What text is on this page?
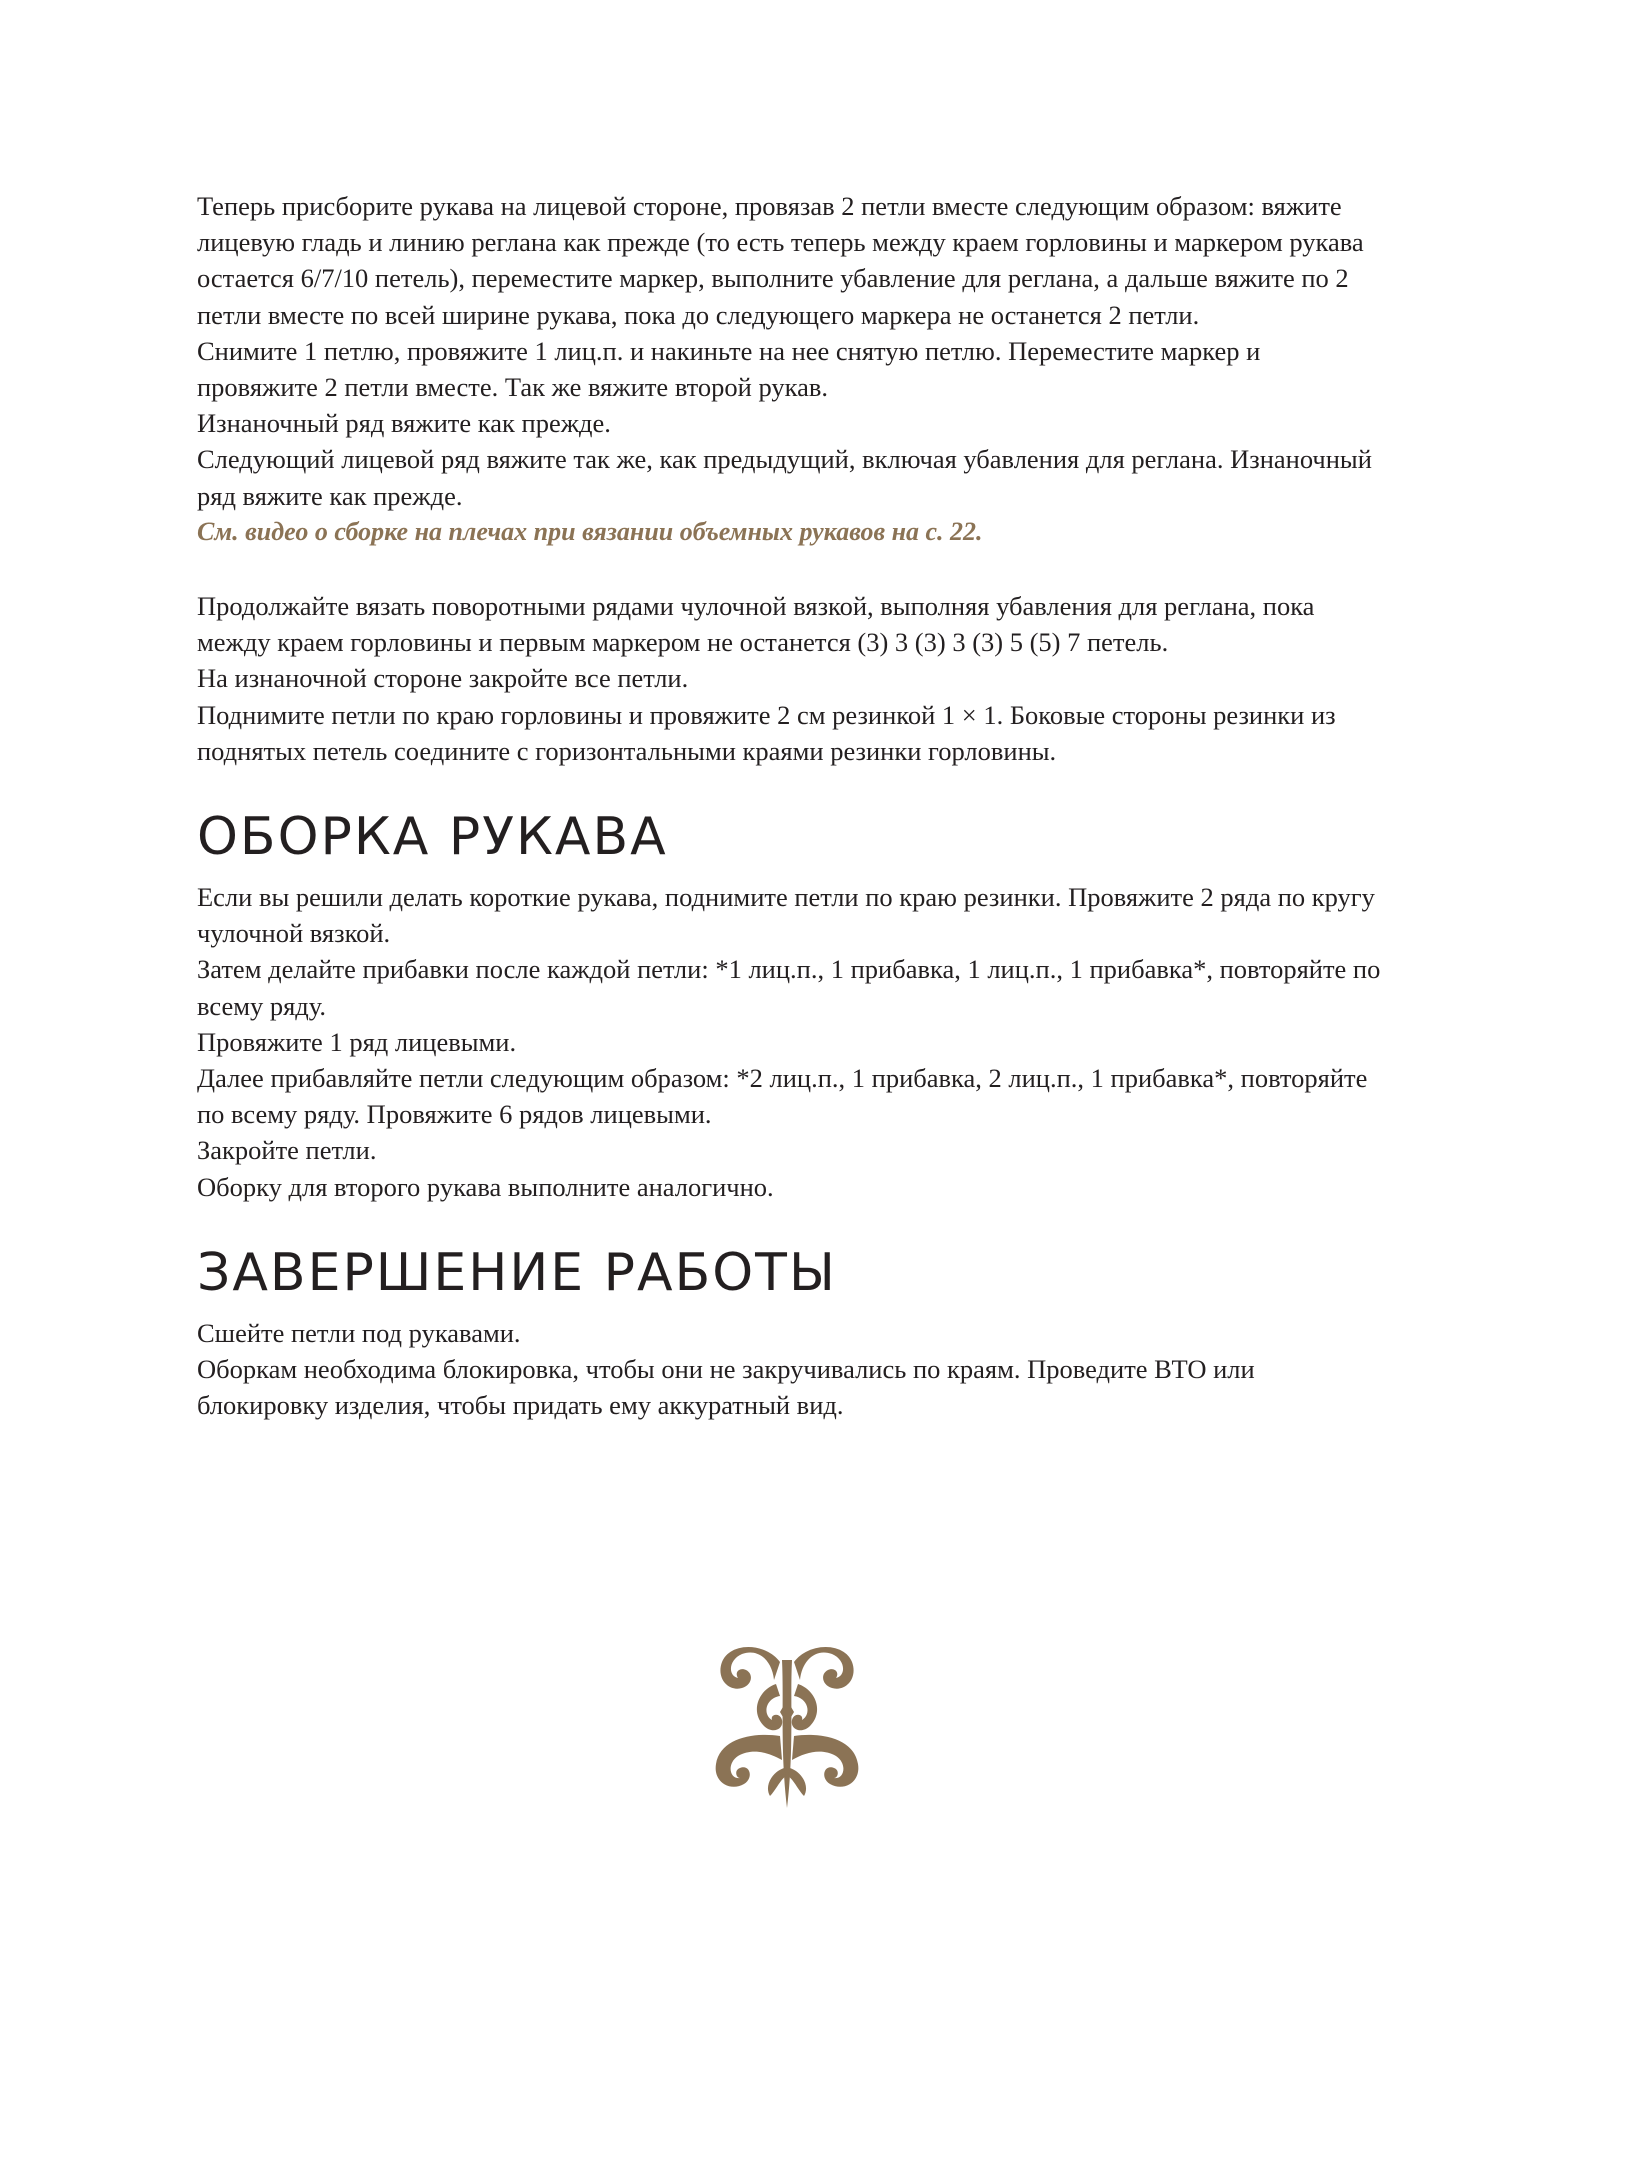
Теперь присборите рукава на лицевой стороне, провязав 2 петли вместе следующим образом: вяжите лицевую гладь и линию реглана как прежде (то есть теперь между краем горловины и маркером рукава остается 6/7/10 петель), переместите маркер, выполните убавление для реглана, а дальше вяжите по 2 петли вместе по всей ширине рукава, пока до следующего маркера не останется 2 петли.

Снимите 1 петлю, провяжите 1 лиц.п. и накиньте на нее снятую петлю. Переместите маркер и провяжите 2 петли вместе. Так же вяжите второй рукав.

Изнаночный ряд вяжите как прежде.

Следующий лицевой ряд вяжите так же, как предыдущий, включая убавления для реглана. Изнаночный ряд вяжите как прежде.

См. видео о сборке на плечах при вязании объемных рукавов на с. 22.

Продолжайте вязать поворотными рядами чулочной вязкой, выполняя убавления для реглана, пока между краем горловины и первым маркером не останется (3) 3 (3) 3 (3) 5 (5) 7 петель.

На изнаночной стороне закройте все петли.

Поднимите петли по краю горловины и провяжите 2 см резинкой 1 × 1. Боковые стороны резинки из поднятых петель соедините с горизонтальными краями резинки горловины.

ОБОРКА РУКАВА

Если вы решили делать короткие рукава, поднимите петли по краю резинки. Провяжите 2 ряда по кругу чулочной вязкой.

Затем делайте прибавки после каждой петли: *1 лиц.п., 1 прибавка, 1 лиц.п., 1 прибавка*, повторяйте по всему ряду.

Провяжите 1 ряд лицевыми.

Далее прибавляйте петли следующим образом: *2 лиц.п., 1 прибавка, 2 лиц.п., 1 прибавка*, повторяйте по всему ряду. Провяжите 6 рядов лицевыми.

Закройте петли.

Оборку для второго рукава выполните аналогично.

ЗАВЕРШЕНИЕ РАБОТЫ

Сшейте петли под рукавами.

Оборкам необходима блокировка, чтобы они не закручивались по краям. Проведите ВТО или блокировку изделия, чтобы придать ему аккуратный вид.
